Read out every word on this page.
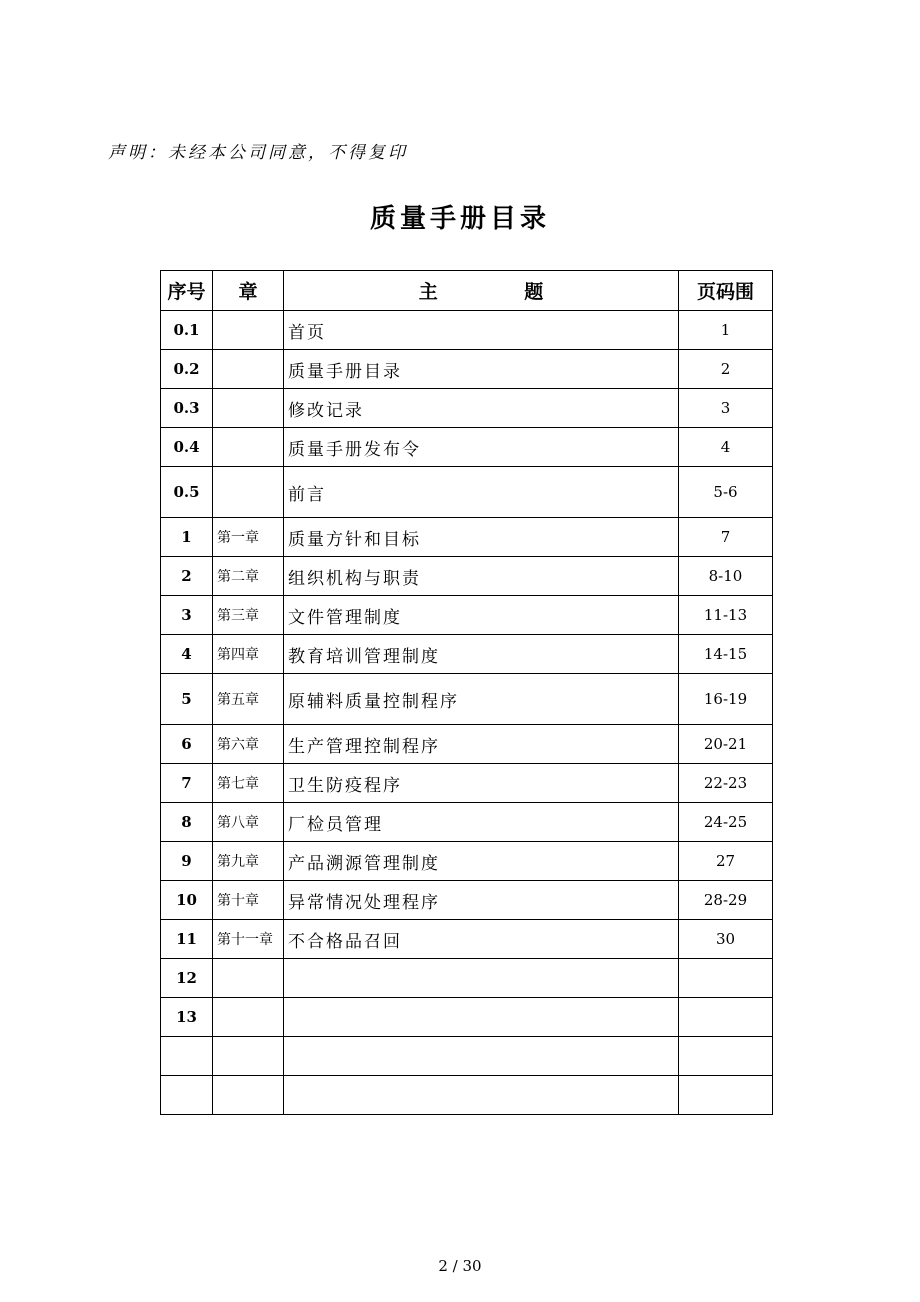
声明：未经本公司同意，不得复印
质量手册目录
序号	章	主 题	页码围
0.1		首页	1
0.2		质量手册目录	2
0.3		修改记录	3
0.4		质量手册发布令	4
0.5		前言	5-6
1	第一章	质量方针和目标	7
2	第二章	组织机构与职责	8-10
3	第三章	文件管理制度	11-13
4	第四章	教育培训管理制度	14-15
5	第五章	原辅料质量控制程序	16-19
6	第六章	生产管理控制程序	20-21
7	第七章	卫生防疫程序	22-23
8	第八章	厂检员管理	24-25
9	第九章	产品溯源管理制度	27
10	第十章	异常情况处理程序	28-29
11	第十一章	不合格品召回	30
12			
13			

2 / 30
